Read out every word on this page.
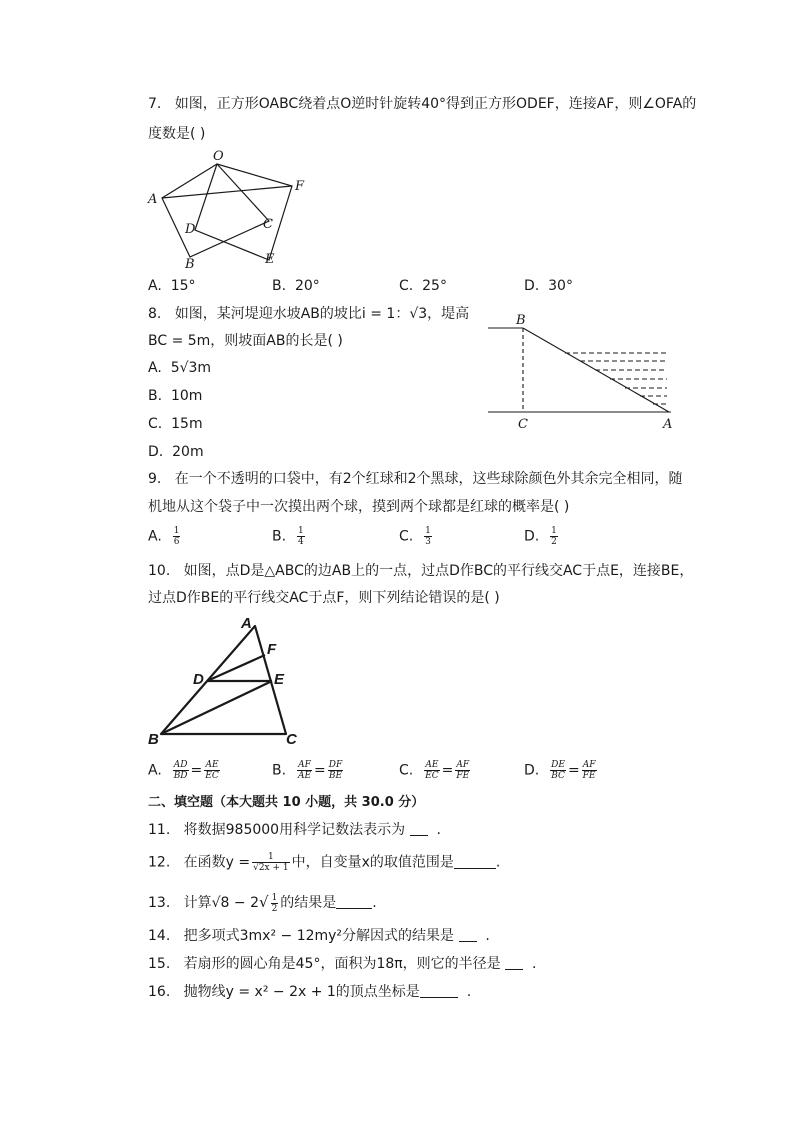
7. 如图，正方形OABC绕着点O逆时针旋转40°得到正方形ODEF，连接AF，则∠OFA的
度数是( )
O
A
F
D	C
B	E
A. 15°	B. 20°	C. 25°	D. 30°
8. 如图，某河堤迎水坡AB的坡比i = 1：√3，堤高
BC = 5m，则坡面AB的长是( )
A. 5√3m
B. 10m
C. 15m
D. 20m
B
C	A
9. 在一个不透明的口袋中，有2个红球和2个黑球，这些球除颜色外其余完全相同，随
机地从这个袋子中一次摸出两个球，摸到两个球都是红球的概率是( )
A. $\frac{1}{6}$	B. $\frac{1}{4}$	C. $\frac{1}{3}$	D. $\frac{1}{2}$
10. 如图，点D是△ABC的边AB上的一点，过点D作BC的平行线交AC于点E，连接BE，
过点D作BE的平行线交AC于点F，则下列结论错误的是( )
A
F
D	E
B	C
A. $\frac{AD}{BD} = \frac{AE}{EC}$	B. $\frac{AF}{AE} = \frac{DF}{BE}$	C. $\frac{AE}{EC} = \frac{AF}{FE}$	D. $\frac{DE}{BC} = \frac{AF}{FE}$
二、填空题（本大题共 10 小题，共 30.0 分）
11. 将数据985000用科学记数法表示为 .
12. 在函数$y = \frac{1}{√2x + 1}$ 中，自变量x的取值范围是	.
13. 计算$√8 - 2√ \frac{1}{2}$ 的结果是	.
14. 把多项式3mx² − 12my²分解因式的结果是 .
15. 若扇形的圆心角是45°，面积为18π，则它的半径是 .
16. 抛物线y = x² − 2x + 1的顶点坐标是	.
